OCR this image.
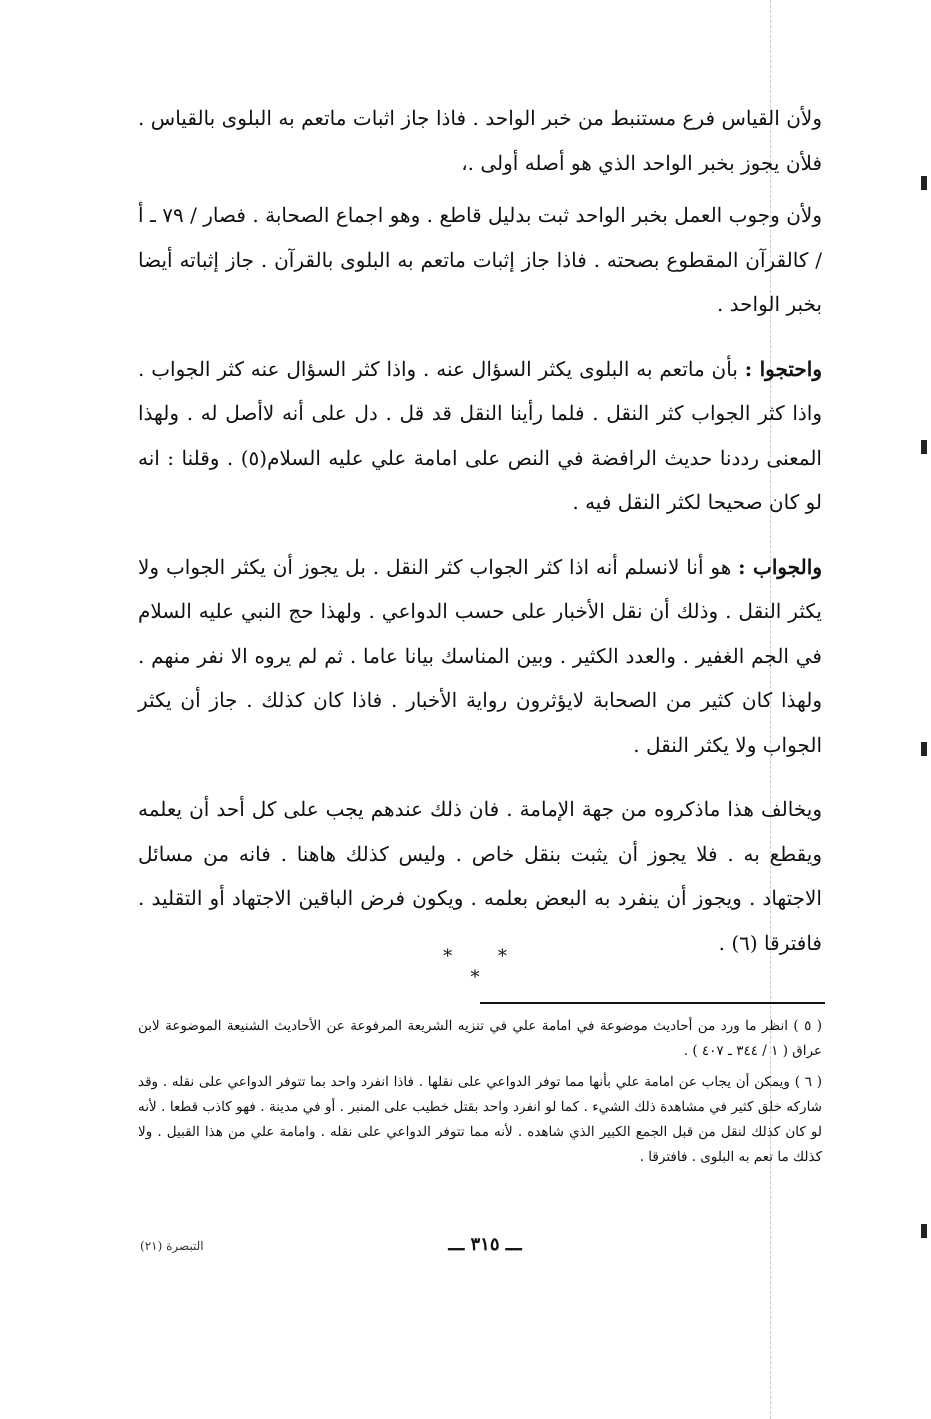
ولأن القياس فرع مستنبط من خبر الواحد . فاذا جاز اثبات ماتعم به البلوى بالقياس . فلأن يجوز بخبر الواحد الذي هو أصله أولى .،

ولأن وجوب العمل بخبر الواحد ثبت بدليل قاطع . وهو اجماع الصحابة . فصار / ٧٩ ـ أ / كالقرآن المقطوع بصحته . فاذا جاز إثبات ماتعم به البلوى بالقرآن . جاز إثباته أيضا بخبر الواحد .

واحتجوا : بأن ماتعم به البلوى يكثر السؤال عنه . واذا كثر السؤال عنه كثر الجواب . واذا كثر الجواب كثر النقل . فلما رأينا النقل قد قل . دل على أنه لاأصل له . ولهذا المعنى رددنا حديث الرافضة في النص على امامة علي عليه السلام(٥) . وقلنا : انه لو كان صحيحا لكثر النقل فيه .

والجواب : هو أنا لانسلم أنه اذا كثر الجواب كثر النقل . بل يجوز أن يكثر الجواب ولا يكثر النقل . وذلك أن نقل الأخبار على حسب الدواعي . ولهذا حج النبي عليه السلام في الجم الغفير . والعدد الكثير . وبين المناسك بيانا عاما . ثم لم يروه الا نفر منهم . ولهذا كان كثير من الصحابة لايؤثرون رواية الأخبار . فاذا كان كذلك . جاز أن يكثر الجواب ولا يكثر النقل .

ويخالف هذا ماذكروه من جهة الإمامة . فان ذلك عندهم يجب على كل أحد أن يعلمه ويقطع به . فلا يجوز أن يثبت بنقل خاص . وليس كذلك هاهنا . فانه من مسائل الاجتهاد . ويجوز أن ينفرد به البعض بعلمه . ويكون فرض الباقين الاجتهاد أو التقليد . فافترقا (٦) .

* * *

( ٥ ) انظر ما ورد من أحاديث موضوعة في امامة علي في تنزيه الشريعة المرفوعة عن الأحاديث الشنيعة الموضوعة لابن عراق ( ١ / ٣٤٤ ـ ٤٠٧ ) .

( ٦ ) ويمكن أن يجاب عن امامة علي بأنها مما توفر الدواعي على نقلها . فاذا انفرد واحد بما تتوفر الدواعي على نقله . وقد شاركه خلق كثير في مشاهدة ذلك الشيء . كما لو انفرد واحد بقتل خطيب على المنبر . أو في مدينة . فهو كاذب قطعا . لأنه لو كان كذلك لنقل من قبل الجمع الكبير الذي شاهده . لأنه مما تتوفر الدواعي على نقله . وامامة علي من هذا القبيل . ولا كذلك ما تعم به البلوى . فافترقا .

ـــ ٣١٥ ـــ
التبصرة (٢١)
